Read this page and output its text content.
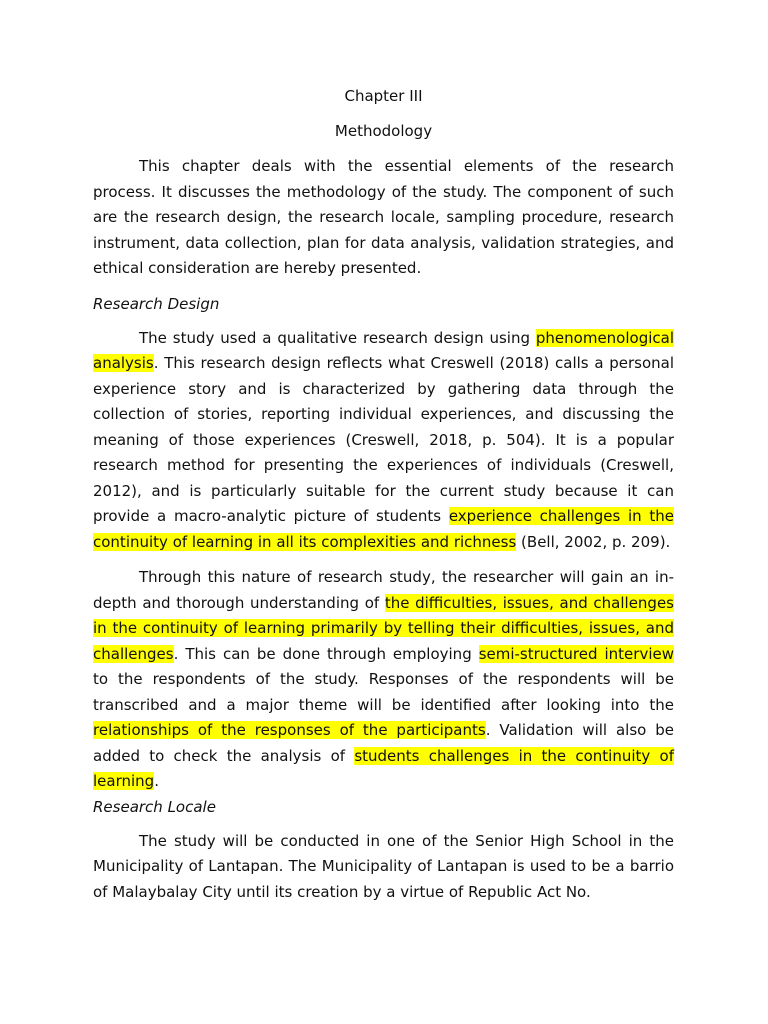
Chapter III
Methodology

This chapter deals with the essential elements of the research process. It discusses the methodology of the study. The component of such are the research design, the research locale, sampling procedure, research instrument, data collection, plan for data analysis, validation strategies, and ethical consideration are hereby presented.

Research Design

The study used a qualitative research design using phenomenological analysis. This research design reflects what Creswell (2018) calls a personal experience story and is characterized by gathering data through the collection of stories, reporting individual experiences, and discussing the meaning of those experiences (Creswell, 2018, p. 504). It is a popular research method for presenting the experiences of individuals (Creswell, 2012), and is particularly suitable for the current study because it can provide a macro-analytic picture of students experience challenges in the continuity of learning in all its complexities and richness (Bell, 2002, p. 209).

Through this nature of research study, the researcher will gain an in-depth and thorough understanding of the difficulties, issues, and challenges in the continuity of learning primarily by telling their difficulties, issues, and challenges. This can be done through employing semi-structured interview to the respondents of the study. Responses of the respondents will be transcribed and a major theme will be identified after looking into the relationships of the responses of the participants. Validation will also be added to check the analysis of students challenges in the continuity of learning.

Research Locale

The study will be conducted in one of the Senior High School in the Municipality of Lantapan. The Municipality of Lantapan is used to be a barrio of Malaybalay City until its creation by a virtue of Republic Act No.
